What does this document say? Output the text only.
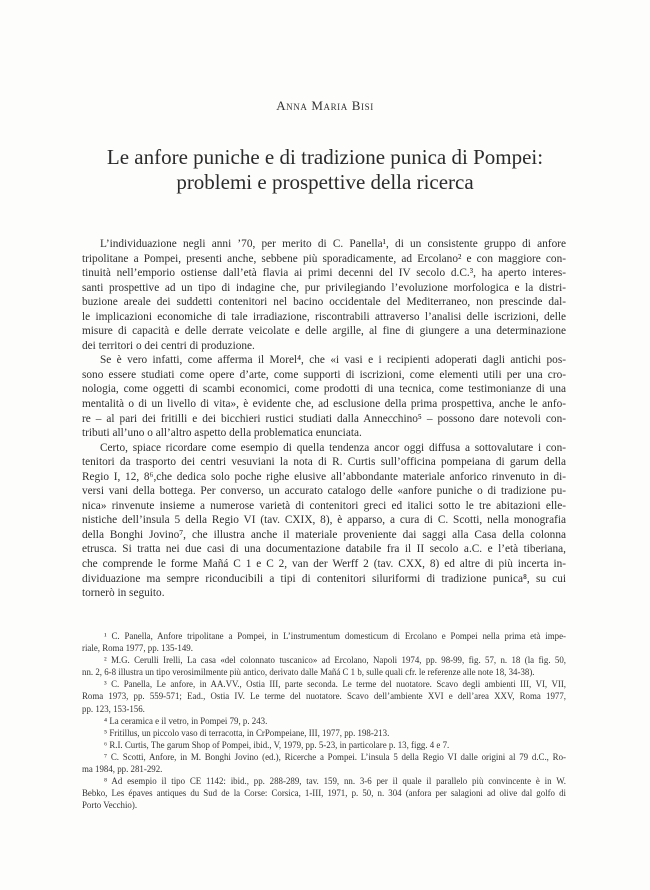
Anna Maria Bisi
Le anfore puniche e di tradizione punica di Pompei:
problemi e prospettive della ricerca
L’individuazione negli anni ’70, per merito di C. Panella¹, di un consistente gruppo di anfore
tripolitane a Pompei, presenti anche, sebbene più sporadicamente, ad Ercolano² e con maggiore con-
tinuità nell’emporio ostiense dall’età flavia ai primi decenni del IV secolo d.C.³, ha aperto interes-
santi prospettive ad un tipo di indagine che, pur privilegiando l’evoluzione morfologica e la distri-
buzione areale dei suddetti contenitori nel bacino occidentale del Mediterraneo, non prescinde dal-
le implicazioni economiche di tale irradiazione, riscontrabili attraverso l’analisi delle iscrizioni, delle
misure di capacità e delle derrate veicolate e delle argille, al fine di giungere a una determinazione
dei territori o dei centri di produzione.
Se è vero infatti, come afferma il Morel⁴, che «i vasi e i recipienti adoperati dagli antichi pos-
sono essere studiati come opere d’arte, come supporti di iscrizioni, come elementi utili per una cro-
nologia, come oggetti di scambi economici, come prodotti di una tecnica, come testimonianze di una
mentalità o di un livello di vita», è evidente che, ad esclusione della prima prospettiva, anche le anfo-
re – al pari dei fritilli e dei bicchieri rustici studiati dalla Annecchino⁵ – possono dare notevoli con-
tributi all’uno o all’altro aspetto della problematica enunciata.
Certo, spiace ricordare come esempio di quella tendenza ancor oggi diffusa a sottovalutare i con-
tenitori da trasporto dei centri vesuviani la nota di R. Curtis sull’officina pompeiana di garum della
Regio I, 12, 8⁶,che dedica solo poche righe elusive all’abbondante materiale anforico rinvenuto in di-
versi vani della bottega. Per converso, un accurato catalogo delle «anfore puniche o di tradizione pu-
nica» rinvenute insieme a numerose varietà di contenitori greci ed italici sotto le tre abitazioni elle-
nistiche dell’insula 5 della Regio VI (tav. CXIX, 8), è apparso, a cura di C. Scotti, nella monografia
della Bonghi Jovino⁷, che illustra anche il materiale proveniente dai saggi alla Casa della colonna
etrusca. Si tratta nei due casi di una documentazione databile fra il II secolo a.C. e l’età tiberiana,
che comprende le forme Mañá C 1 e C 2, van der Werff 2 (tav. CXX, 8) ed altre di più incerta in-
dividuazione ma sempre riconducibili a tipi di contenitori siluriformi di tradizione punica⁸, su cui
tornerò in seguito.
¹ C. Panella, Anfore tripolitane a Pompei, in L’instrumentum domesticum di Ercolano e Pompei nella prima età impe-
riale, Roma 1977, pp. 135-149.
² M.G. Cerulli Irelli, La casa «del colonnato tuscanico» ad Ercolano, Napoli 1974, pp. 98-99, fig. 57, n. 18 (la fig. 50,
nn. 2, 6-8 illustra un tipo verosimilmente più antico, derivato dalle Mañá C 1 b, sulle quali cfr. le referenze alle note 18, 34-38).
³ C. Panella, Le anfore, in AA.VV., Ostia III, parte seconda. Le terme del nuotatore. Scavo degli ambienti III, VI, VII,
Roma 1973, pp. 559-571; Ead., Ostia IV. Le terme del nuotatore. Scavo dell’ambiente XVI e dell’area XXV, Roma 1977,
pp. 123, 153-156.
⁴ La ceramica e il vetro, in Pompei 79, p. 243.
⁵ Fritillus, un piccolo vaso di terracotta, in CrPompeiane, III, 1977, pp. 198-213.
⁶ R.I. Curtis, The garum Shop of Pompei, ibid., V, 1979, pp. 5-23, in particolare p. 13, figg. 4 e 7.
⁷ C. Scotti, Anfore, in M. Bonghi Jovino (ed.), Ricerche a Pompei. L’insula 5 della Regio VI dalle origini al 79 d.C., Ro-
ma 1984, pp. 281-292.
⁸ Ad esempio il tipo CE 1142: ibid., pp. 288-289, tav. 159, nn. 3-6 per il quale il parallelo più convincente è in W.
Bebko, Les épaves antiques du Sud de la Corse: Corsica, 1-III, 1971, p. 50, n. 304 (anfora per salagioni ad olive dal golfo di
Porto Vecchio).
